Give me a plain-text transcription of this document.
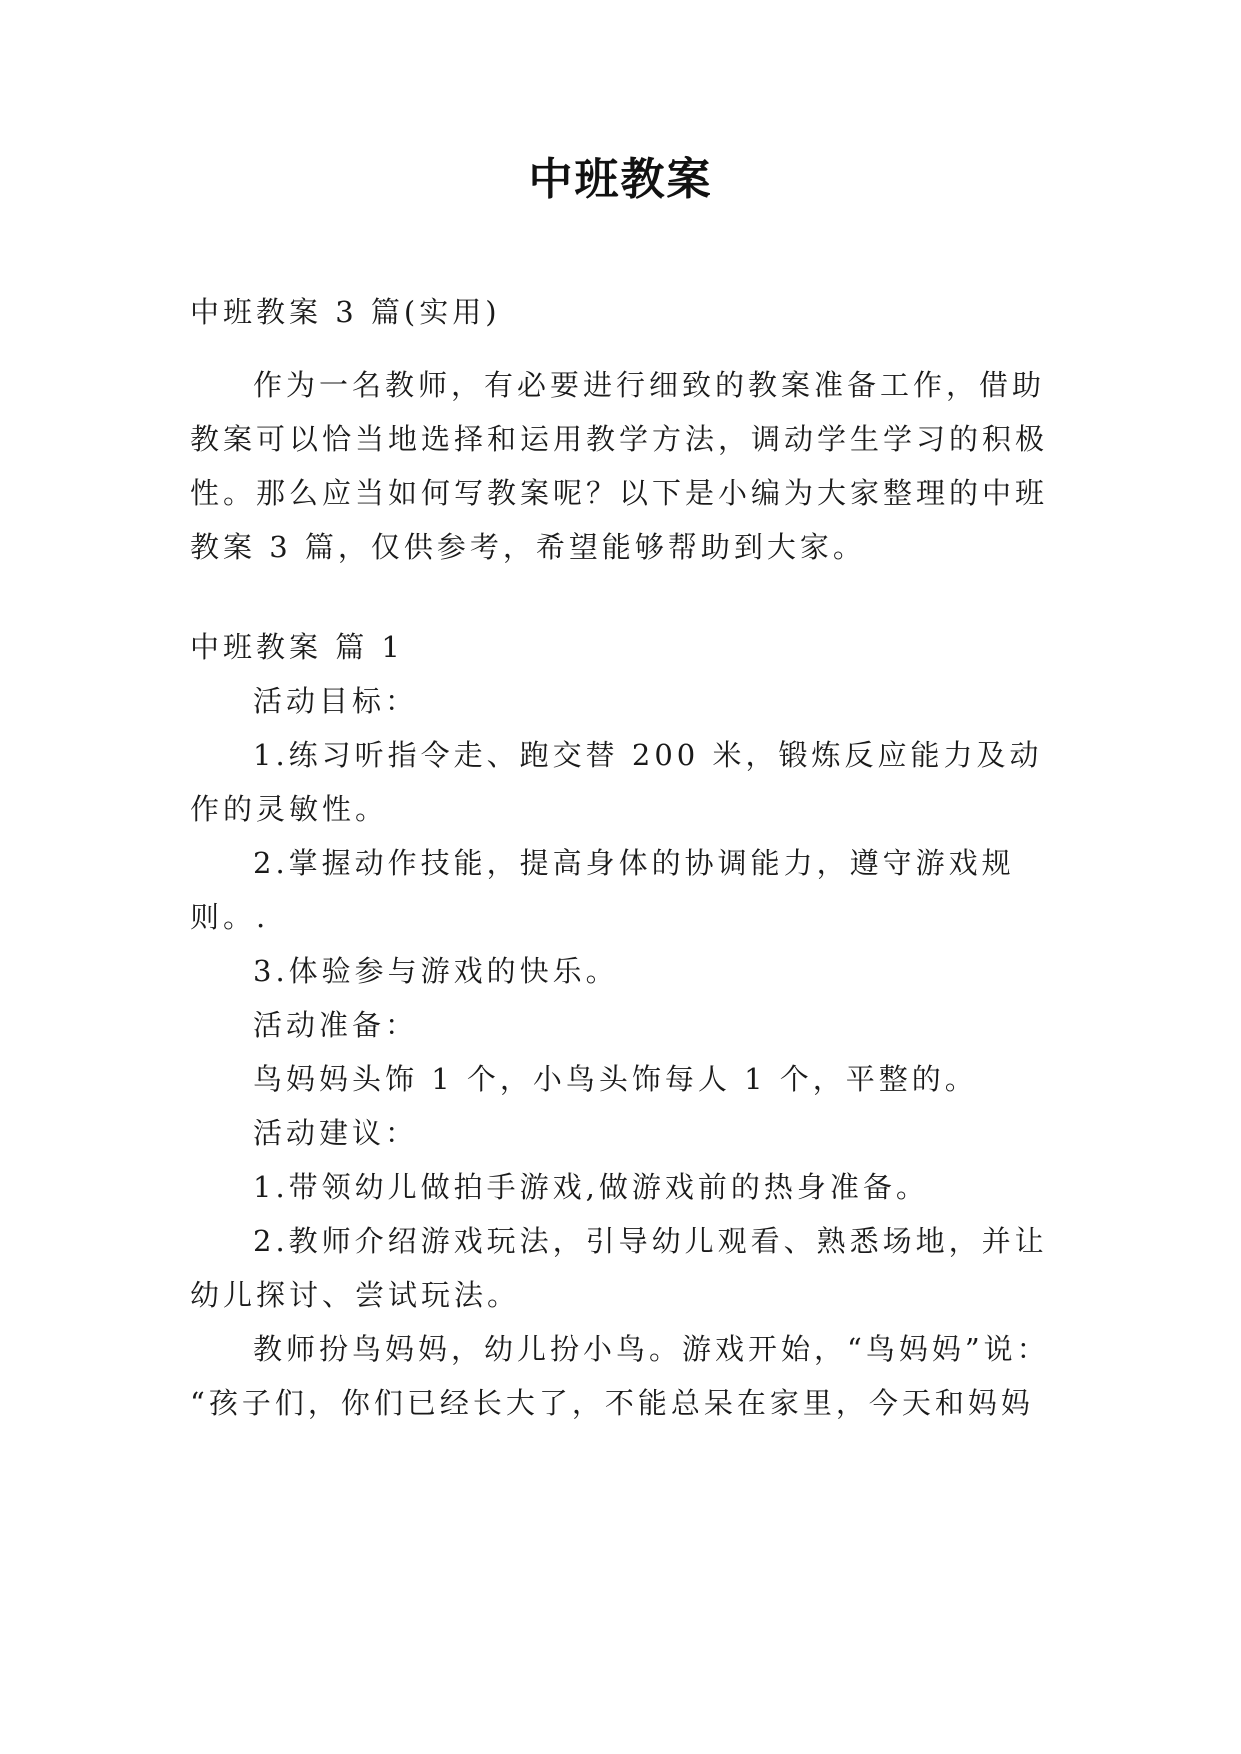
中班教案
中班教案 3 篇(实用)
作为一名教师，有必要进行细致的教案准备工作，借助
教案可以恰当地选择和运用教学方法，调动学生学习的积极
性。那么应当如何写教案呢？以下是小编为大家整理的中班
教案 3 篇，仅供参考，希望能够帮助到大家。
中班教案 篇 1
活动目标：
1.练习听指令走、跑交替 200 米，锻炼反应能力及动
作的灵敏性。
2.掌握动作技能，提高身体的协调能力，遵守游戏规
则。.
3.体验参与游戏的快乐。
活动准备：
鸟妈妈头饰 1 个，小鸟头饰每人 1 个，平整的。
活动建议：
1.带领幼儿做拍手游戏,做游戏前的热身准备。
2.教师介绍游戏玩法，引导幼儿观看、熟悉场地，并让
幼儿探讨、尝试玩法。
教师扮鸟妈妈，幼儿扮小鸟。游戏开始，“鸟妈妈”说：
“孩子们，你们已经长大了，不能总呆在家里，今天和妈妈
